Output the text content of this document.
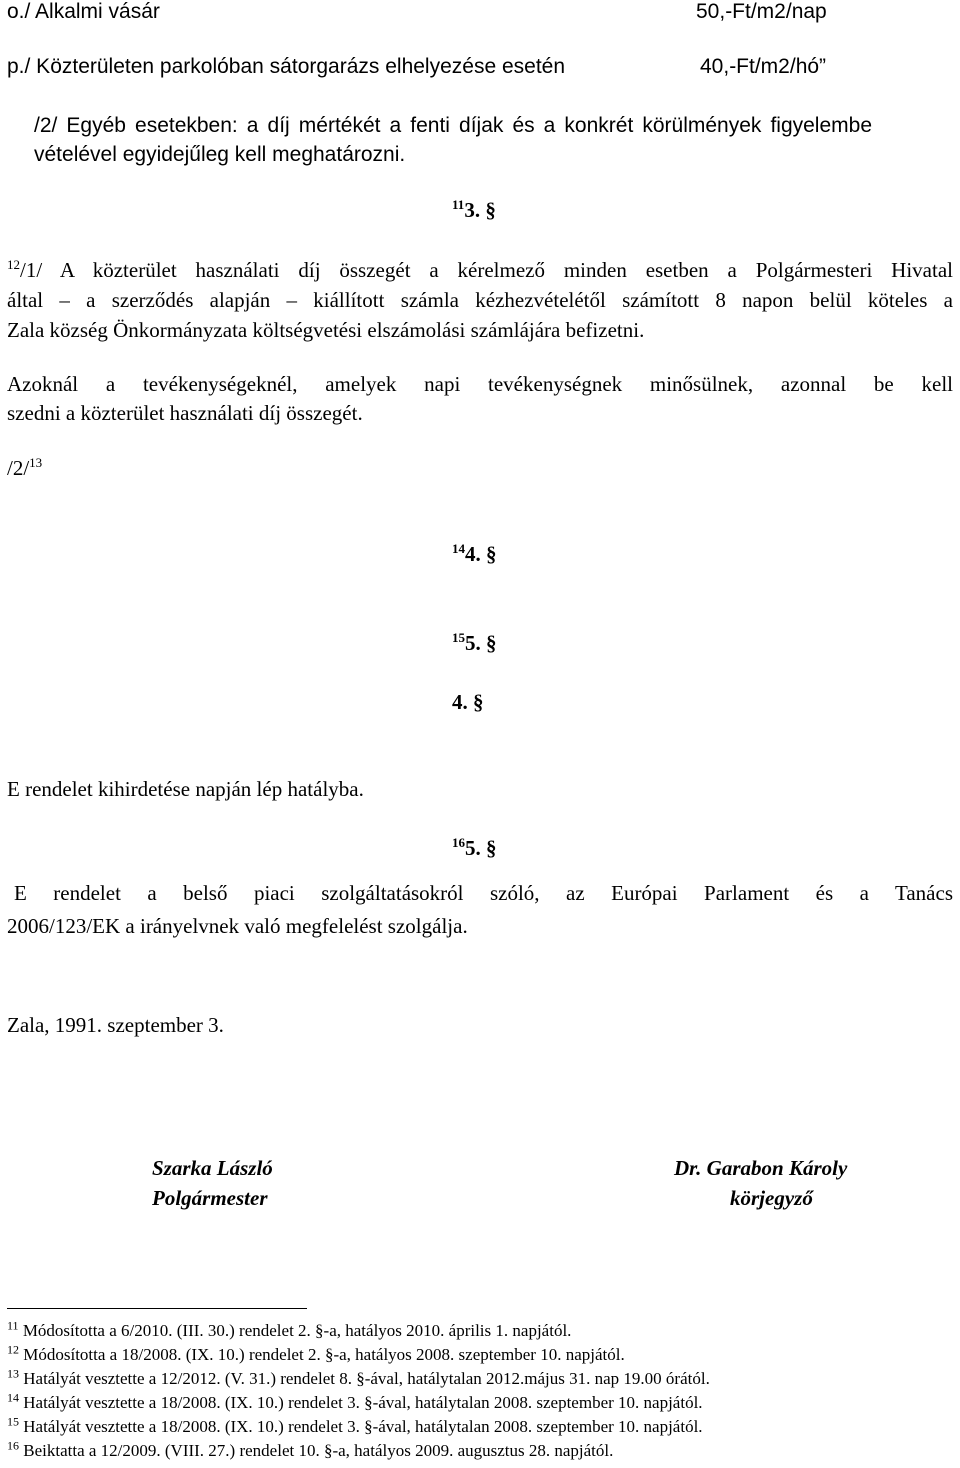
o./ Alkalmi vásár	50,-Ft/m2/nap
p./ Közterületen parkolóban sátorgarázs elhelyezése esetén	40,-Ft/m2/hó”
/2/ Egyéb esetekben: a díj mértékét a fenti díjak és a konkrét körülmények figyelembe
vételével egyidejűleg kell meghatározni.
$^{11}$3. §
$^{12}$/1/ A közterület használati díj összegét a kérelmező minden esetben a Polgármesteri Hivatal
által – a szerződés alapján – kiállított számla kézhezvételétől számított 8 napon belül köteles a
Zala község Önkormányzata költségvetési elszámolási számlájára befizetni.
Azoknál a tevékenységeknél, amelyek napi tevékenységnek minősülnek, azonnal be kell
szedni a közterület használati díj összegét.
/2/$^{13}$
$^{14}$4. §
$^{15}$5. §
4. §
E rendelet kihirdetése napján lép hatályba.
$^{16}$5. §
E rendelet a belső piaci szolgáltatásokról szóló, az Európai Parlament és a Tanács
2006/123/EK a irányelvnek való megfelelést szolgálja.
Zala, 1991. szeptember 3.
Szarka László
Polgármester
Dr. Garabon Károly
körjegyző
$^{11}$ Módosította a 6/2010. (III. 30.) rendelet 2. §-a, hatályos 2010. április 1. napjától.
$^{12}$ Módosította a 18/2008. (IX. 10.) rendelet 2. §-a, hatályos 2008. szeptember 10. napjától.
$^{13}$ Hatályát vesztette a 12/2012. (V. 31.) rendelet 8. §-ával, hatálytalan 2012.május 31. nap 19.00 órától.
$^{14}$ Hatályát vesztette a 18/2008. (IX. 10.) rendelet 3. §-ával, hatálytalan 2008. szeptember 10. napjától.
$^{15}$ Hatályát vesztette a 18/2008. (IX. 10.) rendelet 3. §-ával, hatálytalan 2008. szeptember 10. napjától.
$^{16}$ Beiktatta a 12/2009. (VIII. 27.) rendelet 10. §-a, hatályos 2009. augusztus 28. napjától.
